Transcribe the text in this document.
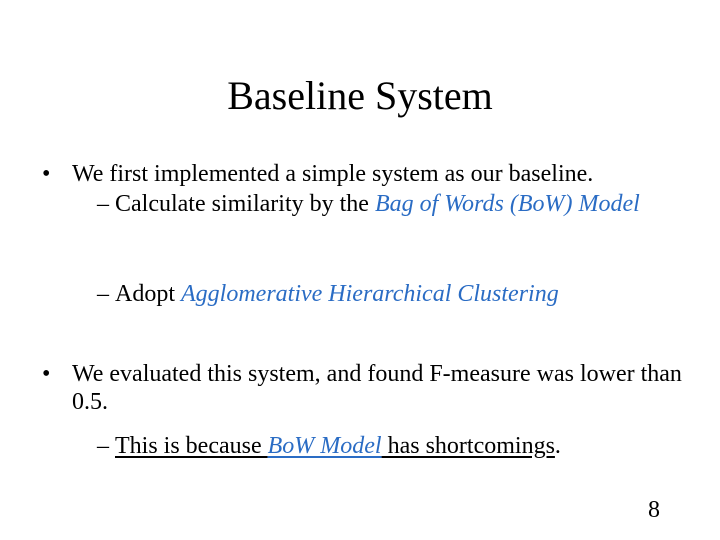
Baseline System
• We first implemented a simple system as our baseline.
– Calculate similarity by the Bag of Words (BoW) Model
– Adopt Agglomerative Hierarchical Clustering
• We evaluated this system, and found F-measure was lower than 0.5.
– This is because BoW Model has shortcomings.
8
